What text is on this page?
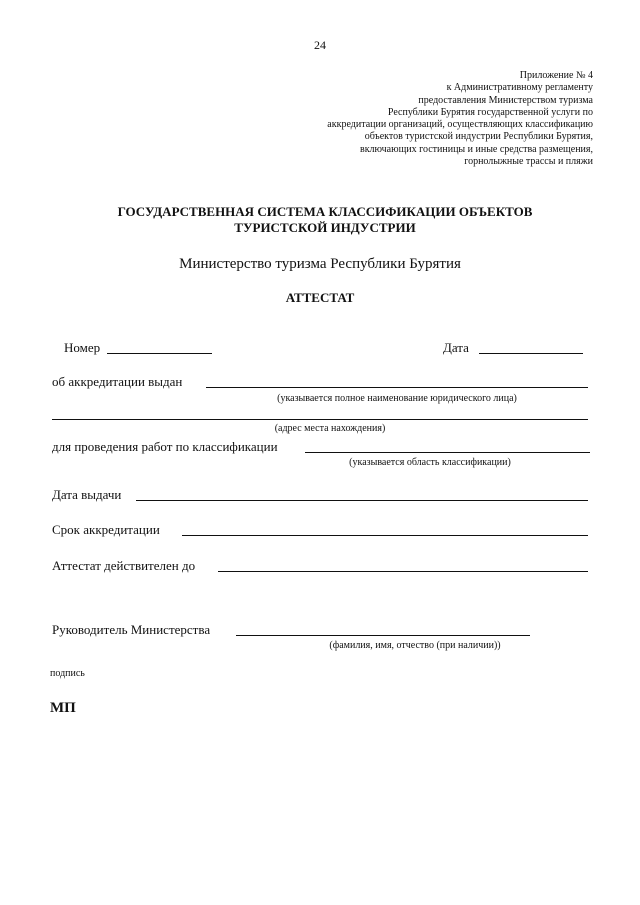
24
Приложение № 4
к Административному регламенту
предоставления Министерством туризма
Республики Бурятия государственной услуги по
аккредитации организаций, осуществляющих классификацию
объектов туристской индустрии Республики Бурятия,
включающих гостиницы и иные средства размещения,
горнолыжные трассы и пляжи
ГОСУДАРСТВЕННАЯ СИСТЕМА КЛАССИФИКАЦИИ ОБЪЕКТОВ
ТУРИСТСКОЙ ИНДУСТРИИ
Министерство туризма Республики Бурятия
АТТЕСТАТ
Номер	Дата
об аккредитации выдан
(указывается полное наименование юридического лица)
(адрес места нахождения)
для проведения работ по классификации
(указывается область классификации)
Дата выдачи
Срок аккредитации
Аттестат действителен до
Руководитель Министерства
(фамилия, имя, отчество (при наличии))
подпись
МП
